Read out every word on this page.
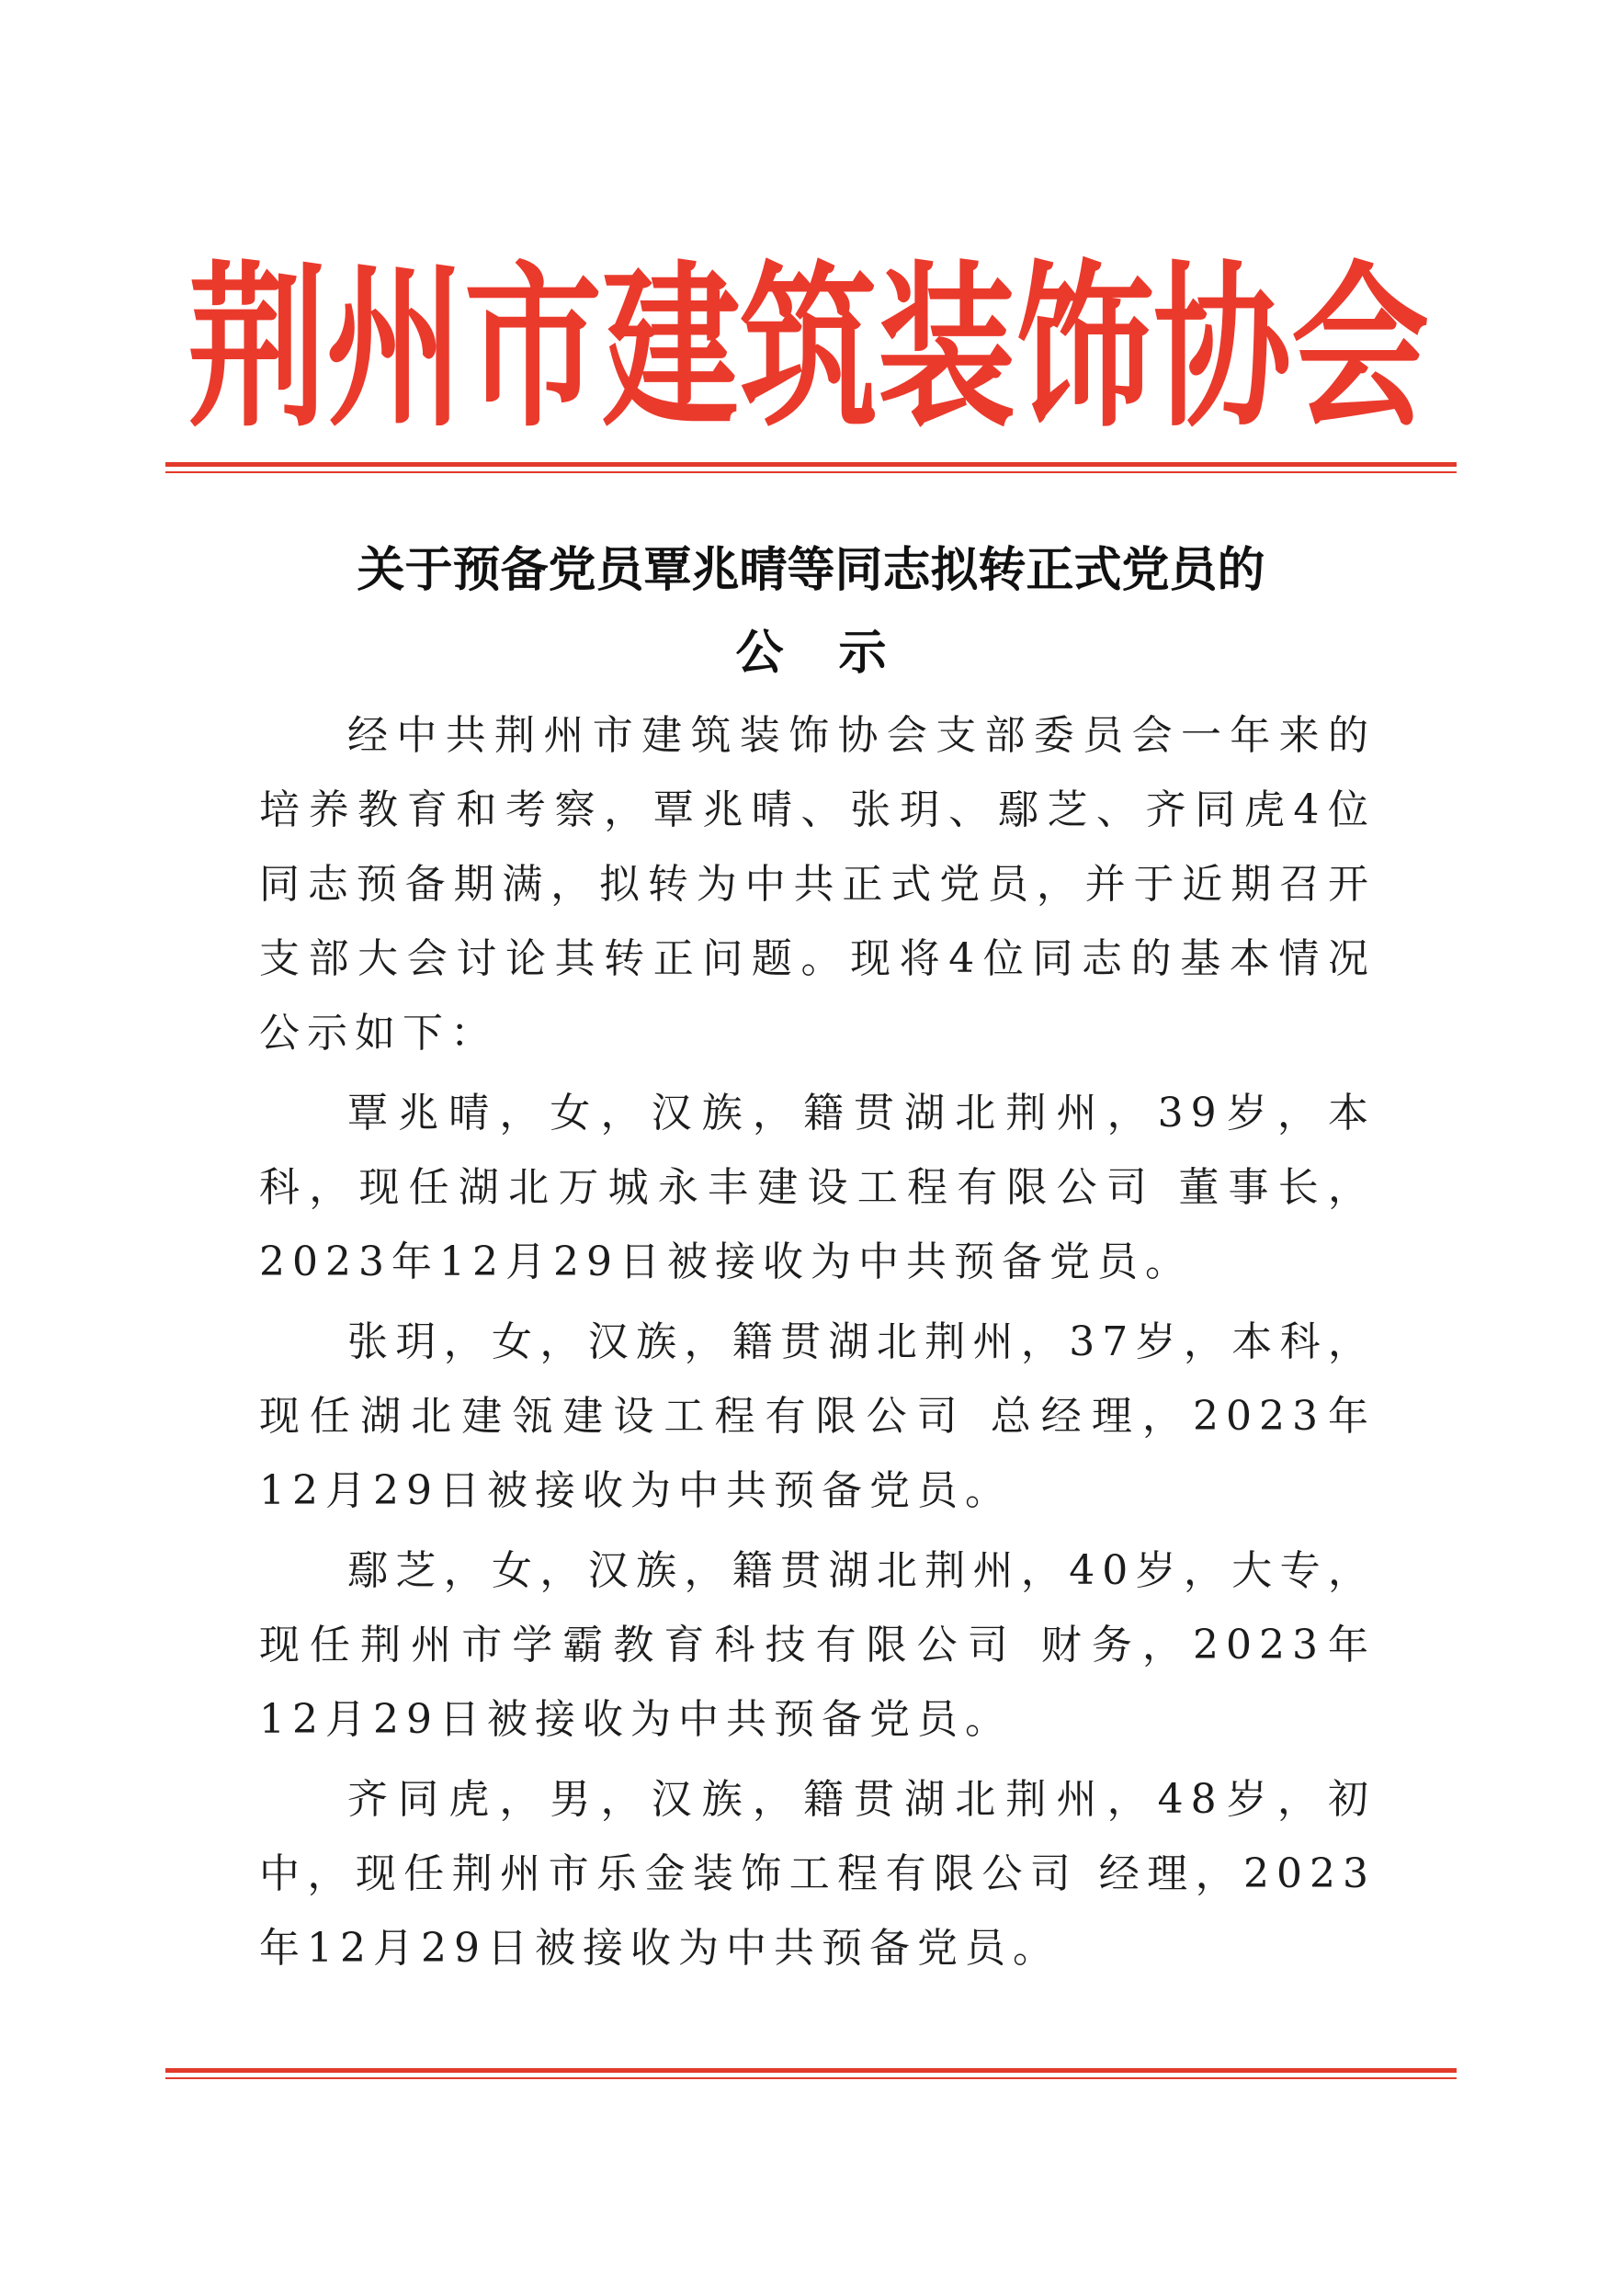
荆州市建筑装饰协会
关于预备党员覃兆晴等同志拟转正式党员的
公示

经中共荆州市建筑装饰协会支部委员会一年来的培养教育和考察，覃兆晴、张玥、鄢芝、齐同虎4位同志预备期满，拟转为中共正式党员，并于近期召开支部大会讨论其转正问题。现将4位同志的基本情况公示如下：

覃兆晴，女，汉族，籍贯湖北荆州，39岁，本科，现任湖北万城永丰建设工程有限公司 董事长，2023年12月29日被接收为中共预备党员。

张玥，女，汉族，籍贯湖北荆州，37岁，本科，现任湖北建瓴建设工程有限公司 总经理，2023年12月29日被接收为中共预备党员。

鄢芝，女，汉族，籍贯湖北荆州，40岁，大专，现任荆州市学霸教育科技有限公司 财务，2023年12月29日被接收为中共预备党员。

齐同虎，男，汉族，籍贯湖北荆州，48岁，初中，现任荆州市乐金装饰工程有限公司 经理，2023年12月29日被接收为中共预备党员。
